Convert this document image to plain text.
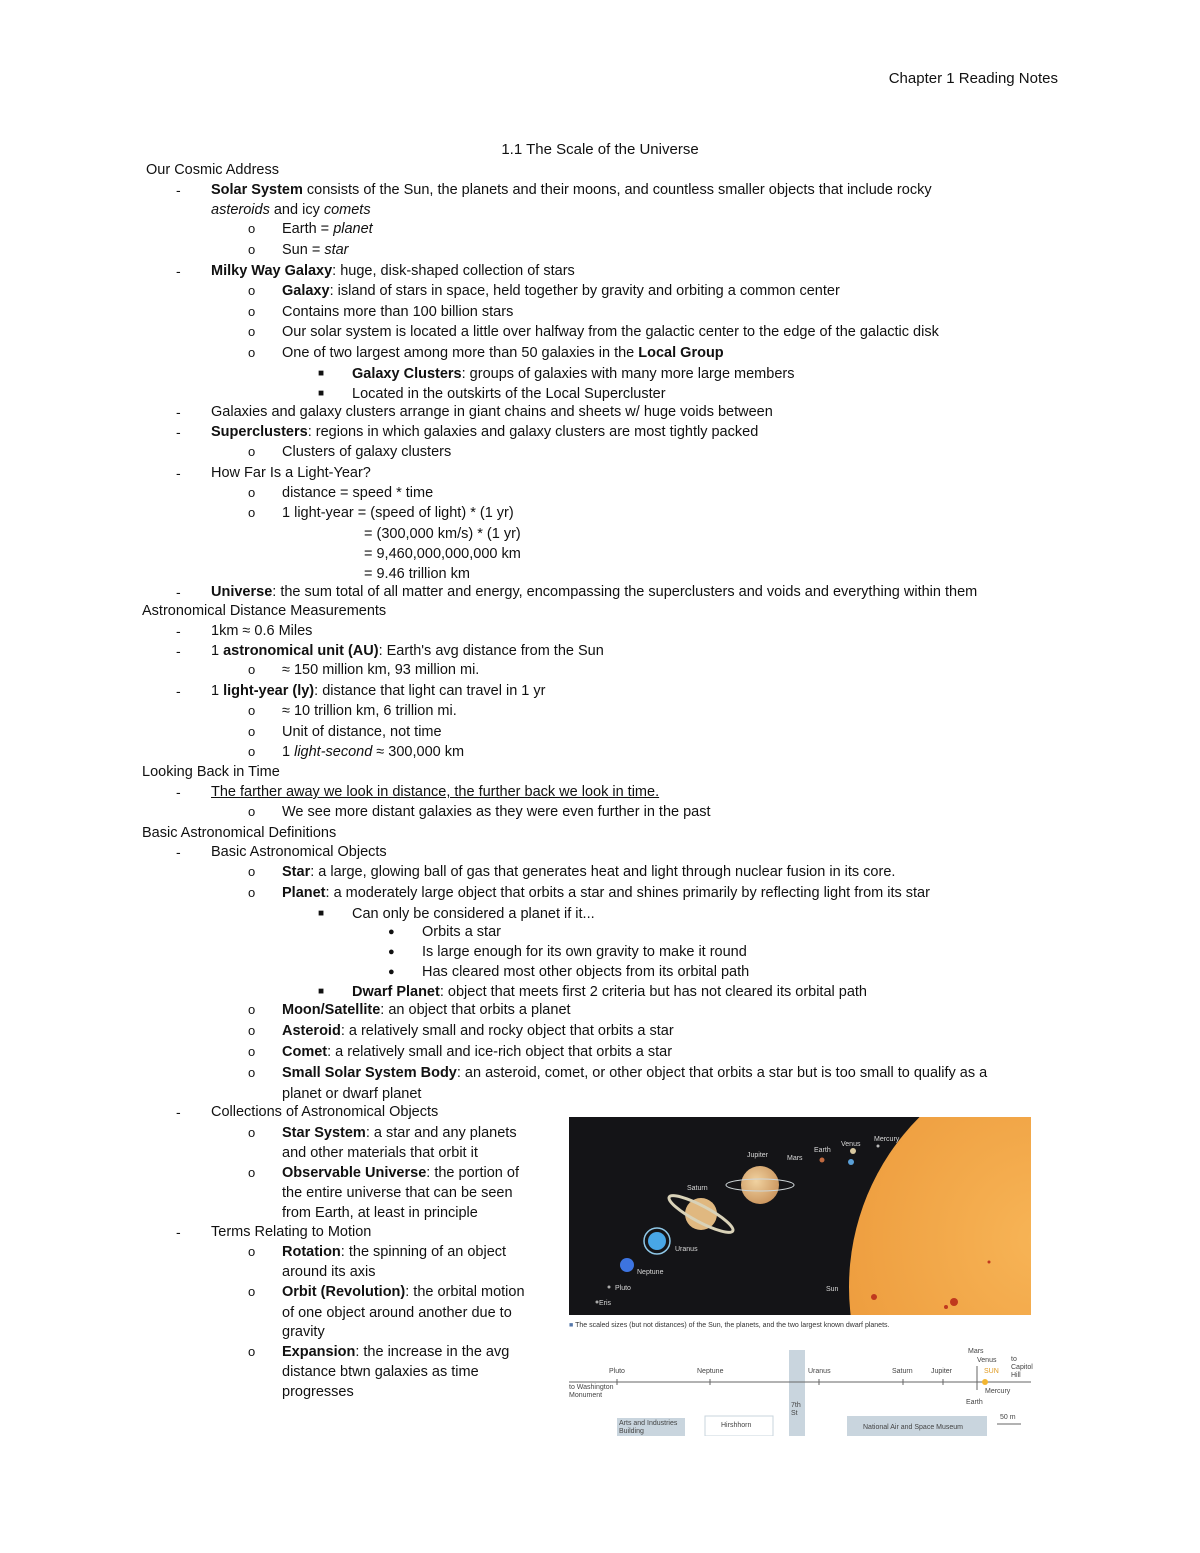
Chapter 1 Reading Notes
1.1 The Scale of the Universe
Our Cosmic Address
- Solar System consists of the Sun, the planets and their moons, and countless smaller objects that include rocky
asteroids and icy comets
o Earth = planet
o Sun = star
- Milky Way Galaxy: huge, disk-shaped collection of stars
o Galaxy: island of stars in space, held together by gravity and orbiting a common center
o Contains more than 100 billion stars
o Our solar system is located a little over halfway from the galactic center to the edge of the galactic disk
o One of two largest among more than 50 galaxies in the Local Group
■ Galaxy Clusters: groups of galaxies with many more large members
■ Located in the outskirts of the Local Supercluster
- Galaxies and galaxy clusters arrange in giant chains and sheets w/ huge voids between
- Superclusters: regions in which galaxies and galaxy clusters are most tightly packed
o Clusters of galaxy clusters
- How Far Is a Light-Year?
o distance = speed * time
o 1 light-year = (speed of light) * (1 yr)
= (300,000 km/s) * (1 yr)
= 9,460,000,000,000 km
= 9.46 trillion km
- Universe: the sum total of all matter and energy, encompassing the superclusters and voids and everything within them
Astronomical Distance Measurements
- 1km ≈ 0.6 Miles
- 1 astronomical unit (AU): Earth's avg distance from the Sun
o ≈ 150 million km, 93 million mi.
- 1 light-year (ly): distance that light can travel in 1 yr
o ≈ 10 trillion km, 6 trillion mi.
o Unit of distance, not time
o 1 light-second ≈ 300,000 km
Looking Back in Time
- The farther away we look in distance, the further back we look in time.
o We see more distant galaxies as they were even further in the past
Basic Astronomical Definitions
- Basic Astronomical Objects
o Star: a large, glowing ball of gas that generates heat and light through nuclear fusion in its core.
o Planet: a moderately large object that orbits a star and shines primarily by reflecting light from its star
■ Can only be considered a planet if it...
● Orbits a star
● Is large enough for its own gravity to make it round
● Has cleared most other objects from its orbital path
■ Dwarf Planet: object that meets first 2 criteria but has not cleared its orbital path
o Moon/Satellite: an object that orbits a planet
o Asteroid: a relatively small and rocky object that orbits a star
o Comet: a relatively small and ice-rich object that orbits a star
o Small Solar System Body: an asteroid, comet, or other object that orbits a star but is too small to qualify as a
planet or dwarf planet
- Collections of Astronomical Objects
o Star System: a star and any planets
and other materials that orbit it
o Observable Universe: the portion of
the entire universe that can be seen
from Earth, at least in principle
- Terms Relating to Motion
o Rotation: the spinning of an object
around its axis
o Orbit (Revolution): the orbital motion
of one object around another due to
gravity
o Expansion: the increase in the avg
distance btwn galaxies as time
progresses
Mercury
Venus
Earth
Mars
Jupiter
Saturn
Uranus
Neptune
Pluto
Eris
Sun
■ The scaled sizes (but not distances) of the Sun, the planets, and the two largest known dwarf planets.
Pluto	Neptune	Uranus	Saturn	Jupiter
Mars
Venus
SUN
Mercury
Earth
to Capitol Hill
to Washington Monument
7th St
Arts and Industries Building
Hirshhorn	National Air and Space Museum
50 m
